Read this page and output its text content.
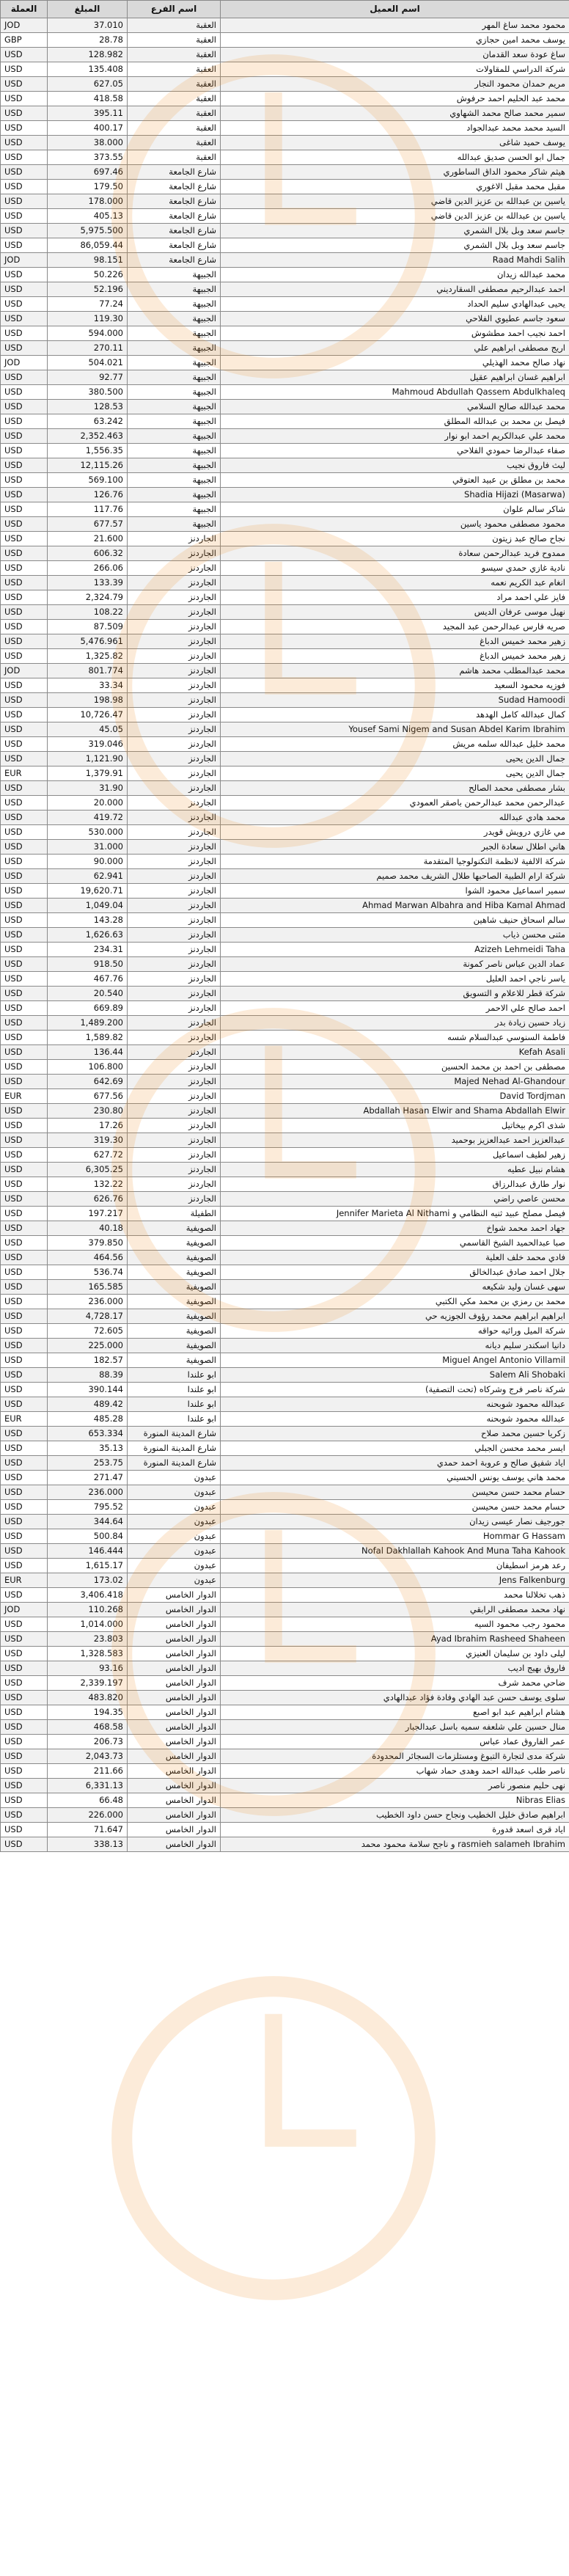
العملة	المبلغ	اسم الفرع	اسم العميل
JOD	37.010	العقبة	محمود محمد ساغ المهر
GBP	28.78	العقبة	يوسف محمد امين حجازي
USD	128.982	العقبة	ساغ عودة سعد القدمان
USD	135.408	العقبة	شركة الدراسي للمقاولات
USD	627.05	العقبة	مريم حمدان محمود النجار
USD	418.58	العقبة	محمد عبد الحليم احمد حرفوش
USD	395.11	العقبة	سمير محمد صالح محمد الشهاوي
USD	400.17	العقبة	السيد محمد محمد عبدالجواد
USD	38.000	العقبة	يوسف حميد شاغى
USD	373.55	العقبة	جمال ابو الحسن صديق عبدالله
USD	697.46	شارع الجامعة	هيثم شاكر محمود الداق الساطوري
USD	179.50	شارع الجامعة	مقبل محمد مقبل الاغوري
USD	178.000	شارع الجامعة	ياسين بن عبدالله بن عزيز الدين قاضي
USD	405.13	شارع الجامعة	ياسين بن عبدالله بن عزيز الدين قاضي
USD	5,975.500	شارع الجامعة	جاسم سعد وبل بلال الشمري
USD	86,059.44	شارع الجامعة	جاسم سعد وبل بلال الشمري
JOD	98.151	شارع الجامعة	Raad Mahdi Salih
USD	50.226	الجبيهة	محمد عبدالله زيدان
USD	52.196	الجبيهة	احمد عبدالرحيم مصطفى السقارديني
USD	77.24	الجبيهة	يحيى عبدالهادي سليم الحداد
USD	119.30	الجبيهة	سعود جاسم عطيوي الفلاحي
USD	594.000	الجبيهة	احمد نجيب احمد مطشوش
USD	270.11	الجبيهة	اريج مصطفى ابراهيم علي
JOD	504.021	الجبيهة	نهاد صالح محمد الهذيلي
USD	92.77	الجبيهة	ابراهيم غسان ابراهيم عقيل
USD	380.500	الجبيهة	Mahmoud Abdullah Qassem Abdulkhaleq
USD	128.53	الجبيهة	محمد عبدالله صالح السلامي
USD	63.242	الجبيهة	فيصل بن محمد بن عبدالله المطلق
USD	2,352.463	الجبيهة	محمد علي عبدالكريم احمد ابو نوار
USD	1,556.35	الجبيهة	صفاء عبدالرضا حمودي الفلاحي
USD	12,115.26	الجبيهة	ليث فاروق نجيب
USD	569.100	الجبيهة	محمد بن مطلق بن عبيد العتوقي
USD	126.76	الجبيهة	Shadia Hijazi (Masarwa)
USD	117.76	الجبيهة	شاكر سالم علوان
USD	677.57	الجبيهة	محمود مصطفى محمود ياسين
USD	21.600	الجاردنز	نجاح صالح عبد زيتون
USD	606.32	الجاردنز	ممدوح فريد عبدالرحمن سعادة
USD	266.06	الجاردنز	نادية غازي حمدي سيسو
USD	133.39	الجاردنز	انغام عبد الكريم نعمه
USD	2,324.79	الجاردنز	فايز علي احمد مراد
USD	108.22	الجاردنز	نهيل موسى عرفان الديس
USD	87.509	الجاردنز	صريه فارس عبدالرحمن عبد المجيد
USD	5,476.961	الجاردنز	زهير محمد خميس الدباغ
USD	1,325.82	الجاردنز	زهير محمد خميس الدباغ
JOD	801.774	الجاردنز	محمد عبدالمطلب محمد هاشم
USD	33.34	الجاردنز	فوزيه محمود السعيد
USD	198.98	الجاردنز	Sudad Hamoodi
USD	10,726.47	الجاردنز	كمال عبدالله كامل الهدهد
USD	45.05	الجاردنز	Yousef Sami Nigem and Susan Abdel Karim Ibrahim
USD	319.046	الجاردنز	محمد خليل عبدالله سلمه مريش
USD	1,121.90	الجاردنز	جمال الدين يحيى
EUR	1,379.91	الجاردنز	جمال الدين يحيى
USD	31.90	الجاردنز	بشار مصطفى محمد الصالح
USD	20.000	الجاردنز	عبدالرحمن محمد عبدالرحمن باصقر العمودي
USD	419.72	الجاردنز	محمد هادي عبدالله
USD	530.000	الجاردنز	مي غازي درويش قويدر
USD	31.000	الجاردنز	هاني اطلال سعادة الجبر
USD	90.000	الجاردنز	شركة الالفية لانظمة التكنولوجيا المتقدمة
USD	62.941	الجاردنز	شركة ارام الطبية الصاحبها طلال الشريف محمد صميم
USD	19,620.71	الجاردنز	سمير اسماعيل محمود الشوا
USD	1,049.04	الجاردنز	Ahmad Marwan Albahra and Hiba Kamal Ahmad
USD	143.28	الجاردنز	سالم اسحاق حنيف شاهين
USD	1,626.63	الجاردنز	مثنى محسن ذياب
USD	234.31	الجاردنز	Azizeh Lehmeidi Taha
USD	918.50	الجاردنز	عماد الدين عباس ناصر كمونة
USD	467.76	الجاردنز	ياسر ناجي احمد العليل
USD	20.540	الجاردنز	شركة قطر للاعلام و التسويق
USD	669.89	الجاردنز	احمد صالح علي الاحمر
USD	1,489.200	الجاردنز	زياد حسين زيادة بدر
USD	1,589.82	الجاردنز	فاطمة السنوسي عبدالسلام شسه
USD	136.44	الجاردنز	Kefah Asali
USD	106.800	الجاردنز	مصطفى بن احمد بن محمد الحسين
USD	642.69	الجاردنز	Majed Nehad Al-Ghandour
EUR	677.56	الجاردنز	David Tordjman
USD	230.80	الجاردنز	Abdallah Hasan Elwir and Shama Abdallah Elwir
USD	17.26	الجاردنز	شذى اكرم بيخاتيل
USD	319.30	الجاردنز	عبدالعزيز احمد عبدالعزيز بوحميد
USD	627.72	الجاردنز	زهير لطيف اسماعيل
USD	6,305.25	الجاردنز	هشام نبيل عطيه
USD	132.22	الجاردنز	نوار طارق عبدالرزاق
USD	626.76	الجاردنز	محسن عاصي راضي
USD	197.217	الطفيلة	فيصل مصلح عبيد ثنيه النظامي و Jennifer Marieta Al Nithami
USD	40.18	الصويفية	جهاد احمد محمد شواخ
USD	379.850	الصويفية	صبا عبدالحميد الشيخ القاسمي
USD	464.56	الصويفية	فادي محمد خلف العلية
USD	536.74	الصويفية	جلال احمد صادق عبدالخالق
USD	165.585	الصويفية	سهى غسان وليد شكيعه
USD	236.000	الصويفية	محمد بن رمزي بن محمد مكي الكتبي
USD	4,728.17	الصويفية	ابراهيم ابراهيم محمد رؤوف الجوزيه حي
USD	72.605	الصويفية	شركة الميل ورائيه حواقه
USD	225.000	الصويفية	دانيا اسكندر سليم ديانه
USD	182.57	الصويفية	Miguel Angel Antonio Villamil
USD	88.39	ابو علندا	Salem Ali Shobaki
USD	390.144	ابو علندا	شركة ناصر فرج وشركاه (تحت التصفية)
USD	489.42	ابو علندا	عبدالله محمود شوبحنه
EUR	485.28	ابو علندا	عبدالله محمود شوبحنه
USD	653.334	شارع المدينة المنورة	زكريا حسين محمد صلاح
USD	35.13	شارع المدينة المنورة	ايسر محمد محسن الجبلي
USD	253.75	شارع المدينة المنورة	اياد شفيق صالح و عروبة احمد حمدي
USD	271.47	عبدون	محمد هاني يوسف يونس الحسيني
USD	236.000	عبدون	حسام محمد حسن محيسن
USD	795.52	عبدون	حسام محمد حسن محيسن
USD	344.64	عبدون	جورجيف نصار عيسى زيدان
USD	500.84	عبدون	Hommar G Hassam
USD	146.444	عبدون	Nofal Dakhlallah Kahook And Muna Taha Kahook
USD	1,615.17	عبدون	رعد هرمز اسطيفان
EUR	173.02	عبدون	Jens Falkenburg
USD	3,406.418	الدوار الخامس	ذهب تخلالنا محمد
JOD	110.268	الدوار الخامس	نهاد محمد مصطفى الرابقي
USD	1,014.000	الدوار الخامس	محمود رجب محمود السيه
USD	23.803	الدوار الخامس	Ayad Ibrahim Rasheed Shaheen
USD	1,328.583	الدوار الخامس	ليلى داود بن سليمان العنيزي
USD	93.16	الدوار الخامس	فاروق بهيج اديب
USD	2,339.197	الدوار الخامس	ضاحي محمد شرف
USD	483.820	الدوار الخامس	سلوى يوسف حسن عبد الهادي وفادة فؤاد عبدالهادي
USD	194.35	الدوار الخامس	هشام ابراهيم عبد ابو اصبع
USD	468.58	الدوار الخامس	منال حسين علي شلعفه سميه باسل عبدالجبار
USD	206.73	الدوار الخامس	عمر الفاروق عماد عباس
USD	2,043.73	الدوار الخامس	شركة مدى لتجارة التبوغ ومستلزمات السجائر المحدودة
USD	211.66	الدوار الخامس	ناصر طلب عبدالله احمد وهدى حماد شهاب
USD	6,331.13	الدوار الخامس	نهى حليم منصور ناصر
USD	66.48	الدوار الخامس	Nibras Elias
USD	226.000	الدوار الخامس	ابراهيم صادق خليل الخطيب ونجاح حسن داود الخطيب
USD	71.647	الدوار الخامس	اياد قرى اسعد قدورة
USD	338.13	الدوار الخامس	rasmieh salameh Ibrahim و ناجح سلامة محمود محمد
